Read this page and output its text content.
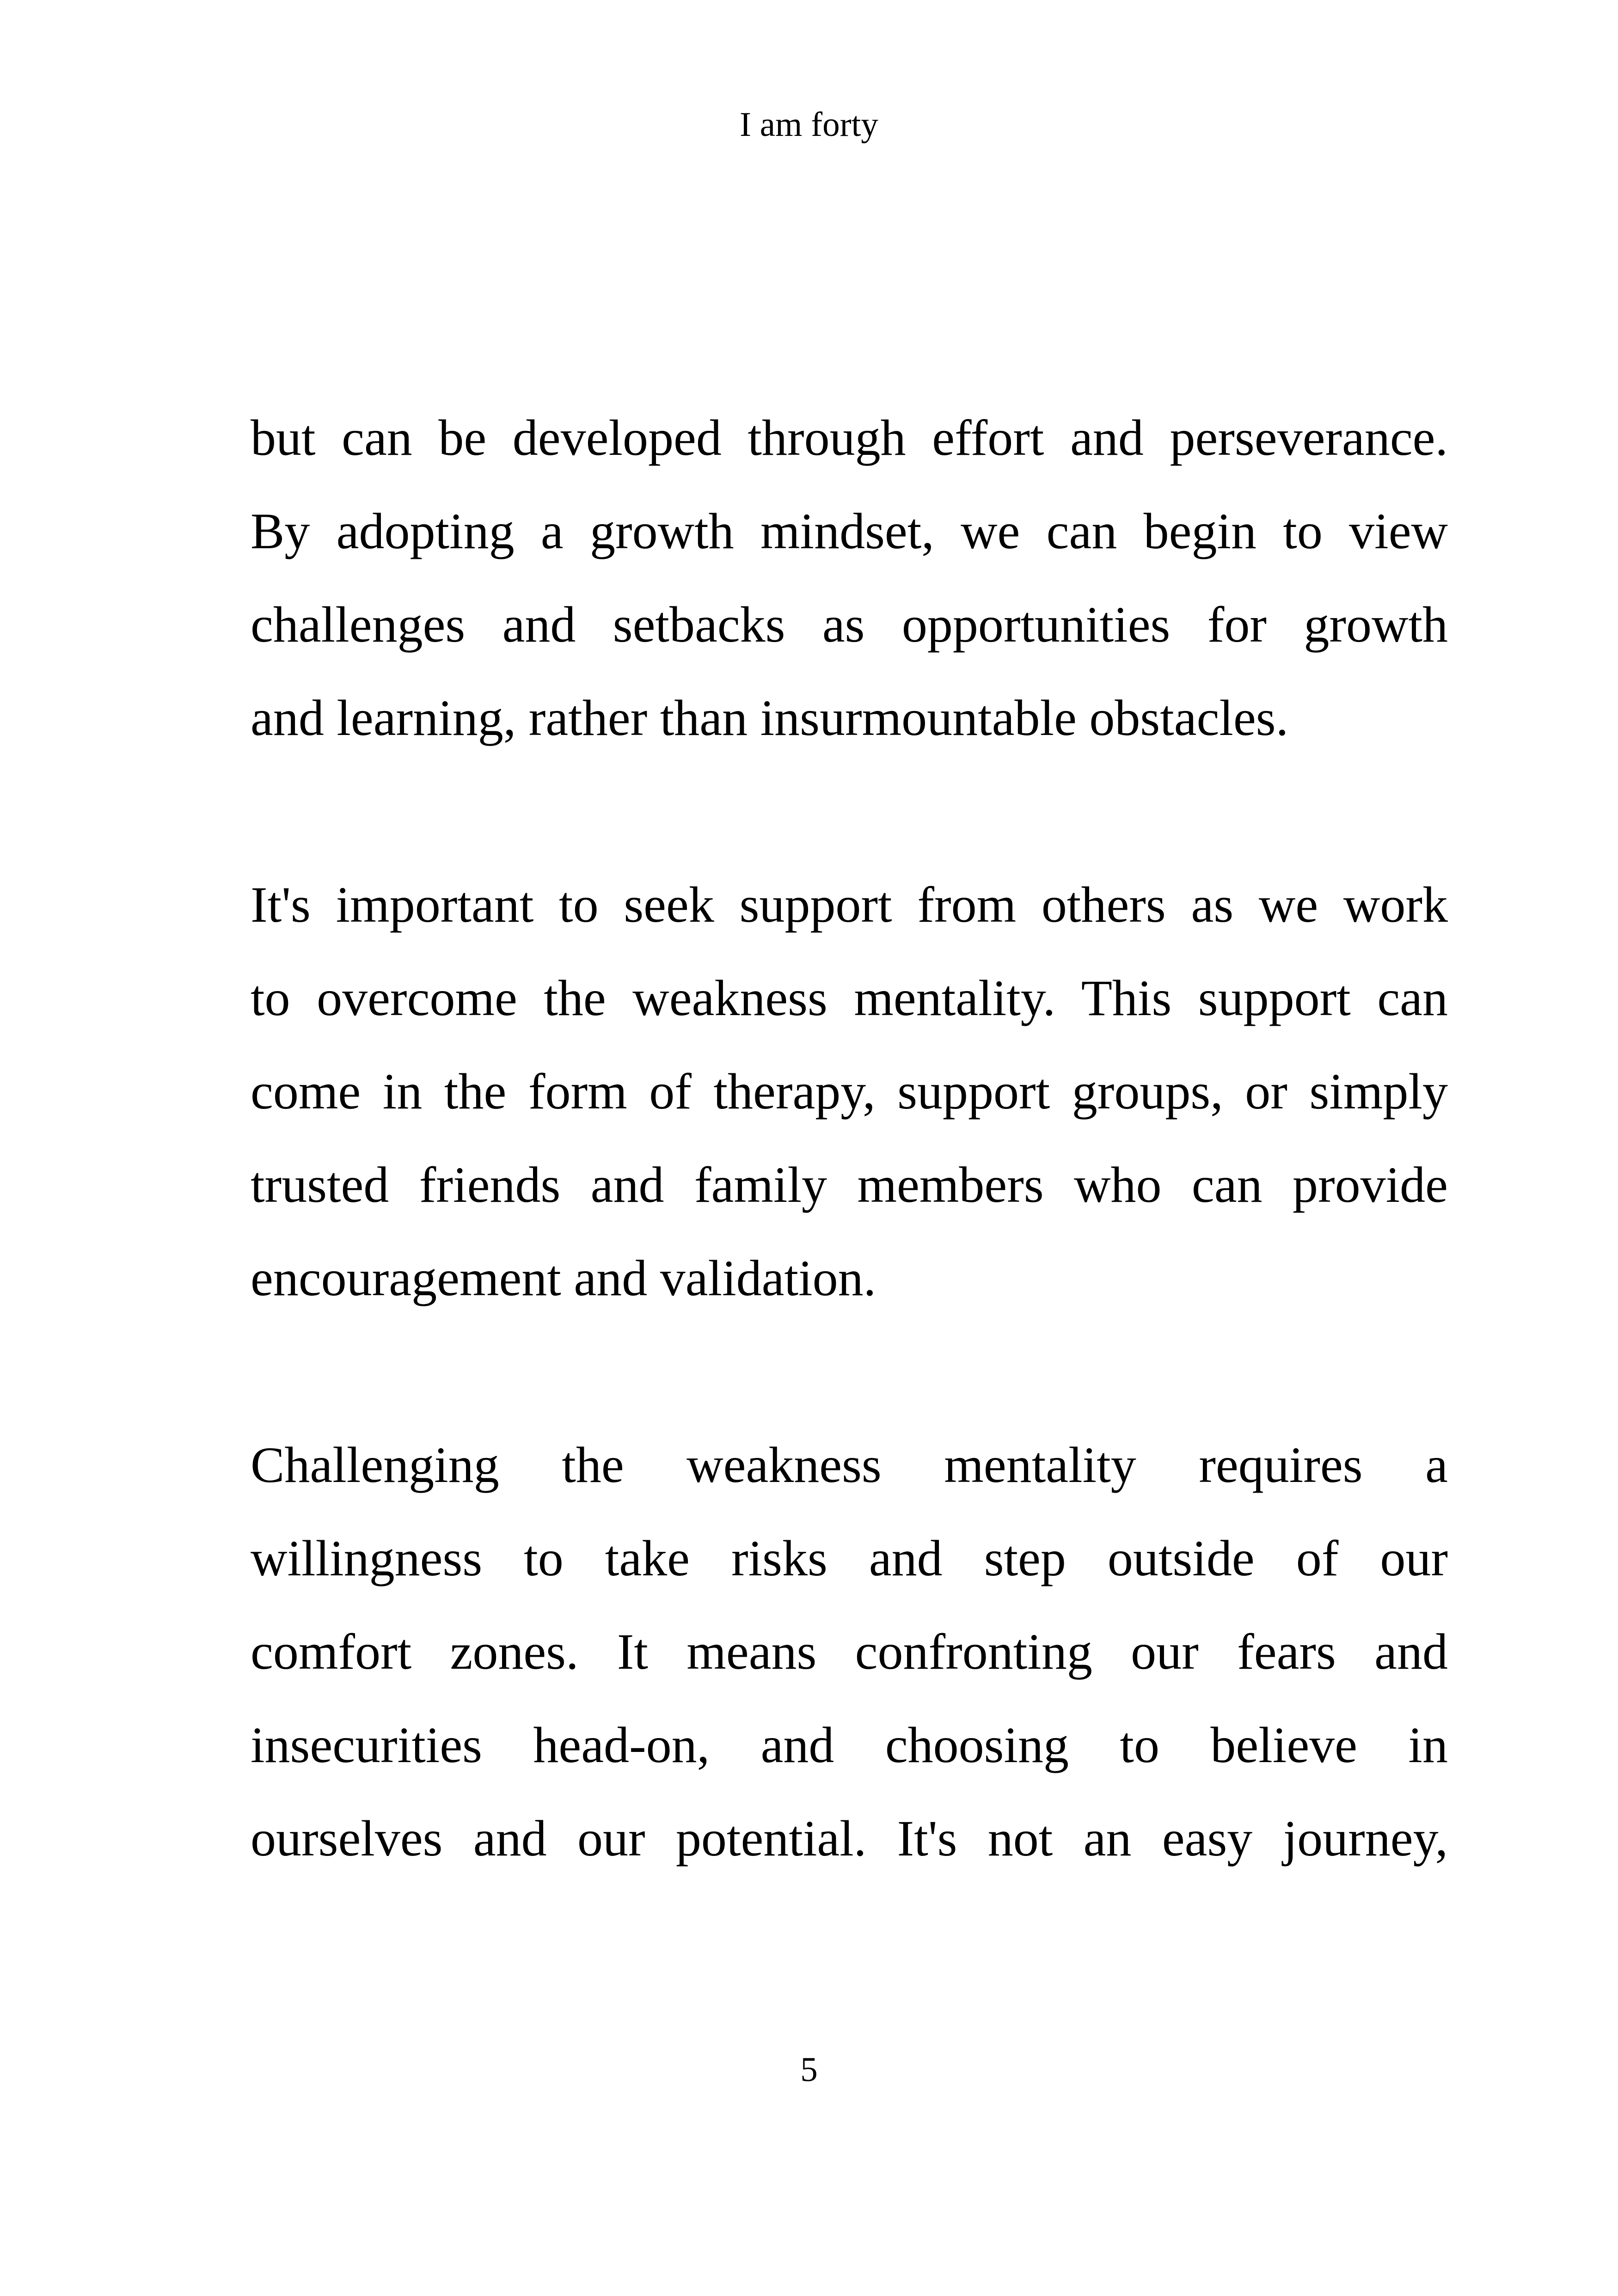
I am forty

but can be developed through effort and perseverance.
By adopting a growth mindset, we can begin to view
challenges and setbacks as opportunities for growth
and learning, rather than insurmountable obstacles.

It's important to seek support from others as we work
to overcome the weakness mentality. This support can
come in the form of therapy, support groups, or simply
trusted friends and family members who can provide
encouragement and validation.

Challenging the weakness mentality requires a
willingness to take risks and step outside of our
comfort zones. It means confronting our fears and
insecurities head-on, and choosing to believe in
ourselves and our potential. It's not an easy journey,

5
